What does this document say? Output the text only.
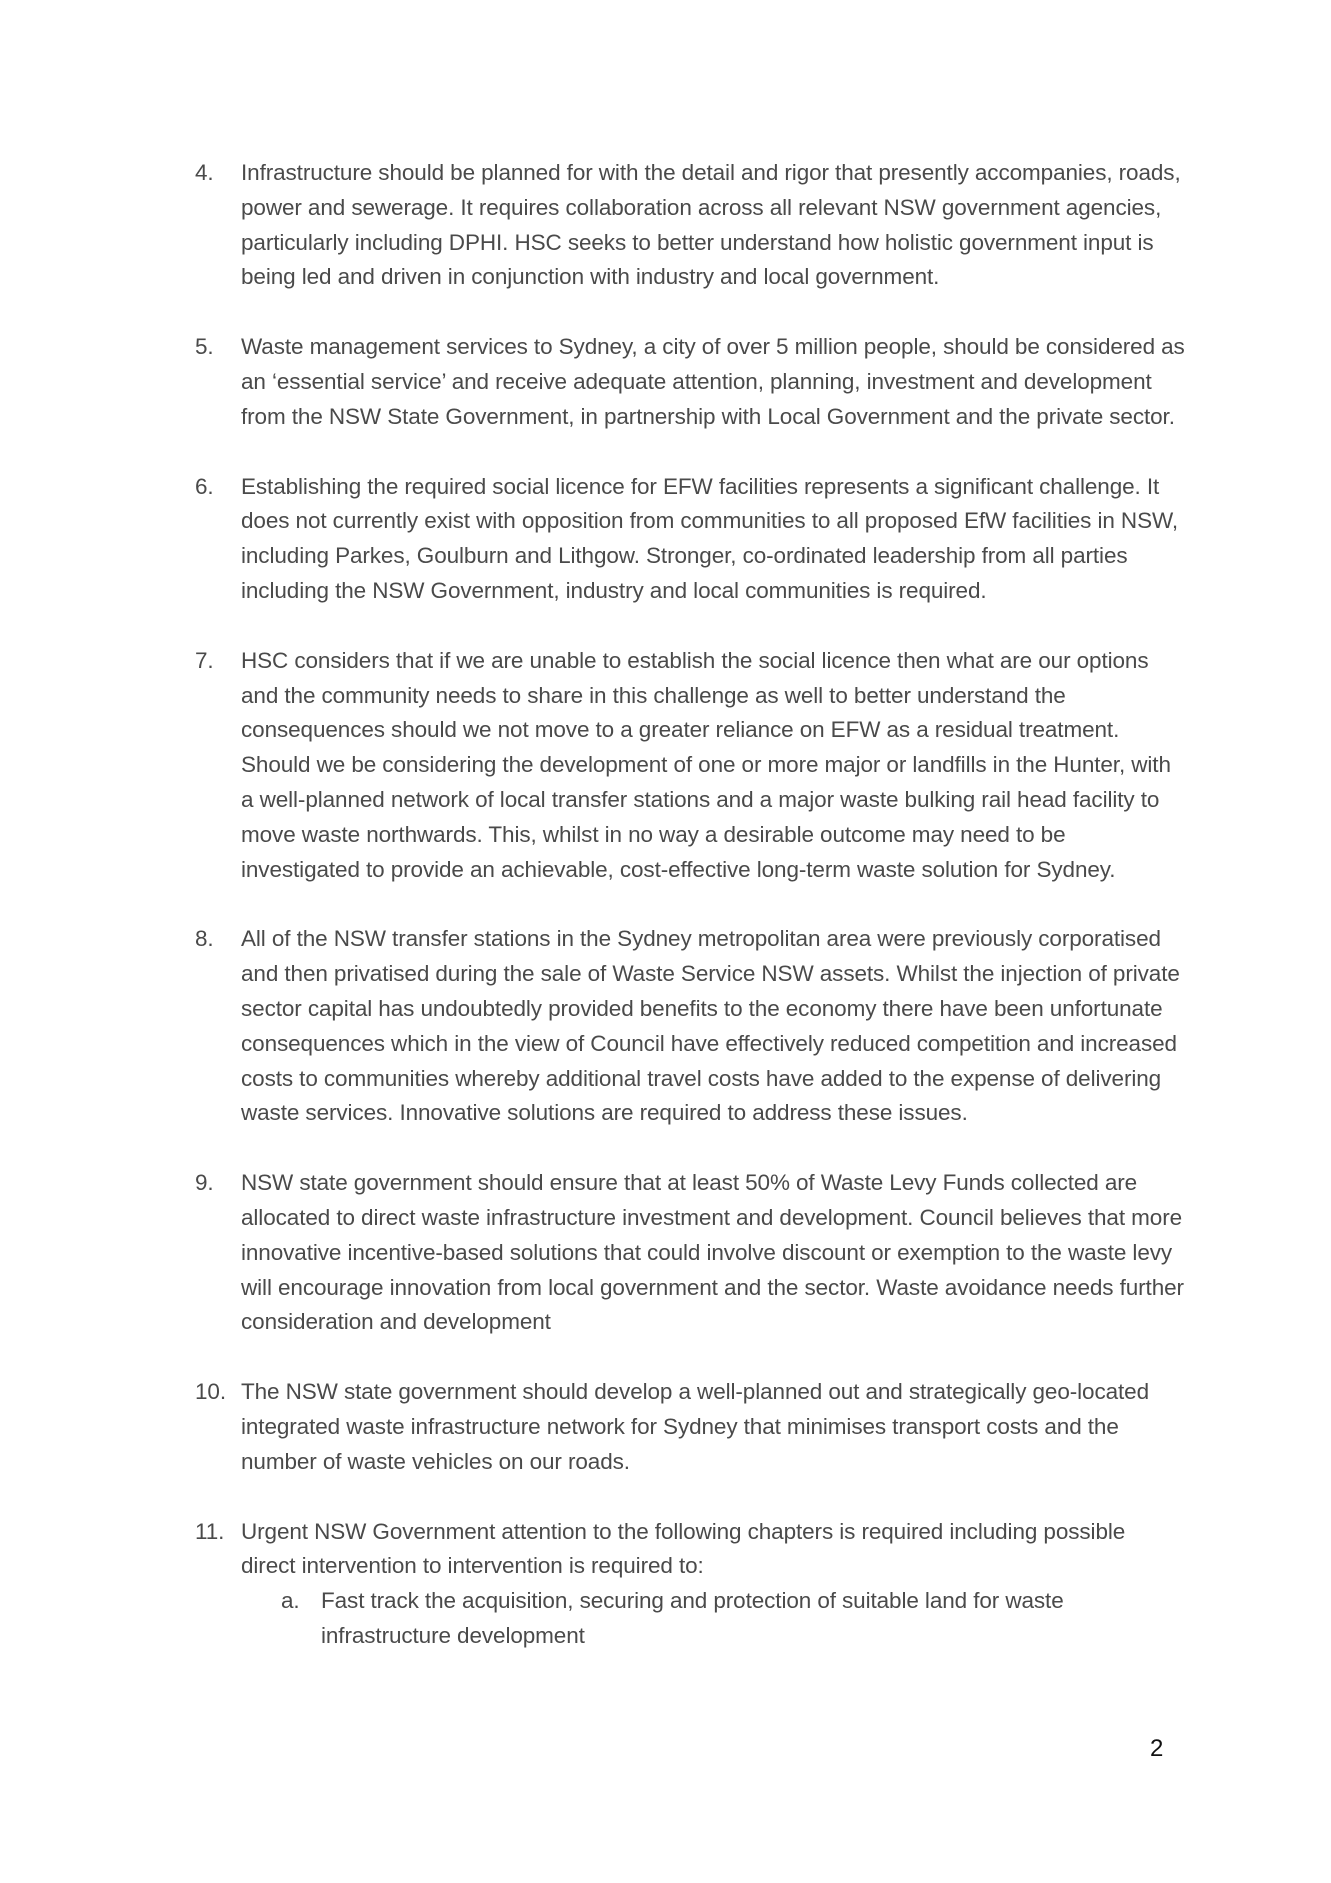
4. Infrastructure should be planned for with the detail and rigor that presently accompanies, roads, power and sewerage. It requires collaboration across all relevant NSW government agencies, particularly including DPHI. HSC seeks to better understand how holistic government input is being led and driven in conjunction with industry and local government.
5. Waste management services to Sydney, a city of over 5 million people, should be considered as an ‘essential service’ and receive adequate attention, planning, investment and development from the NSW State Government, in partnership with Local Government and the private sector.
6. Establishing the required social licence for EFW facilities represents a significant challenge. It does not currently exist with opposition from communities to all proposed EfW facilities in NSW, including Parkes, Goulburn and Lithgow. Stronger, co-ordinated leadership from all parties including the NSW Government, industry and local communities is required.
7. HSC considers that if we are unable to establish the social licence then what are our options and the community needs to share in this challenge as well to better understand the consequences should we not move to a greater reliance on EFW as a residual treatment. Should we be considering the development of one or more major or landfills in the Hunter, with a well-planned network of local transfer stations and a major waste bulking rail head facility to move waste northwards. This, whilst in no way a desirable outcome may need to be investigated to provide an achievable, cost-effective long-term waste solution for Sydney.
8. All of the NSW transfer stations in the Sydney metropolitan area were previously corporatised and then privatised during the sale of Waste Service NSW assets. Whilst the injection of private sector capital has undoubtedly provided benefits to the economy there have been unfortunate consequences which in the view of Council have effectively reduced competition and increased costs to communities whereby additional travel costs have added to the expense of delivering waste services. Innovative solutions are required to address these issues.
9. NSW state government should ensure that at least 50% of Waste Levy Funds collected are allocated to direct waste infrastructure investment and development. Council believes that more innovative incentive-based solutions that could involve discount or exemption to the waste levy will encourage innovation from local government and the sector. Waste avoidance needs further consideration and development
10. The NSW state government should develop a well-planned out and strategically geo-located integrated waste infrastructure network for Sydney that minimises transport costs and the number of waste vehicles on our roads.
11. Urgent NSW Government attention to the following chapters is required including possible direct intervention to intervention is required to:
a. Fast track the acquisition, securing and protection of suitable land for waste infrastructure development
2
